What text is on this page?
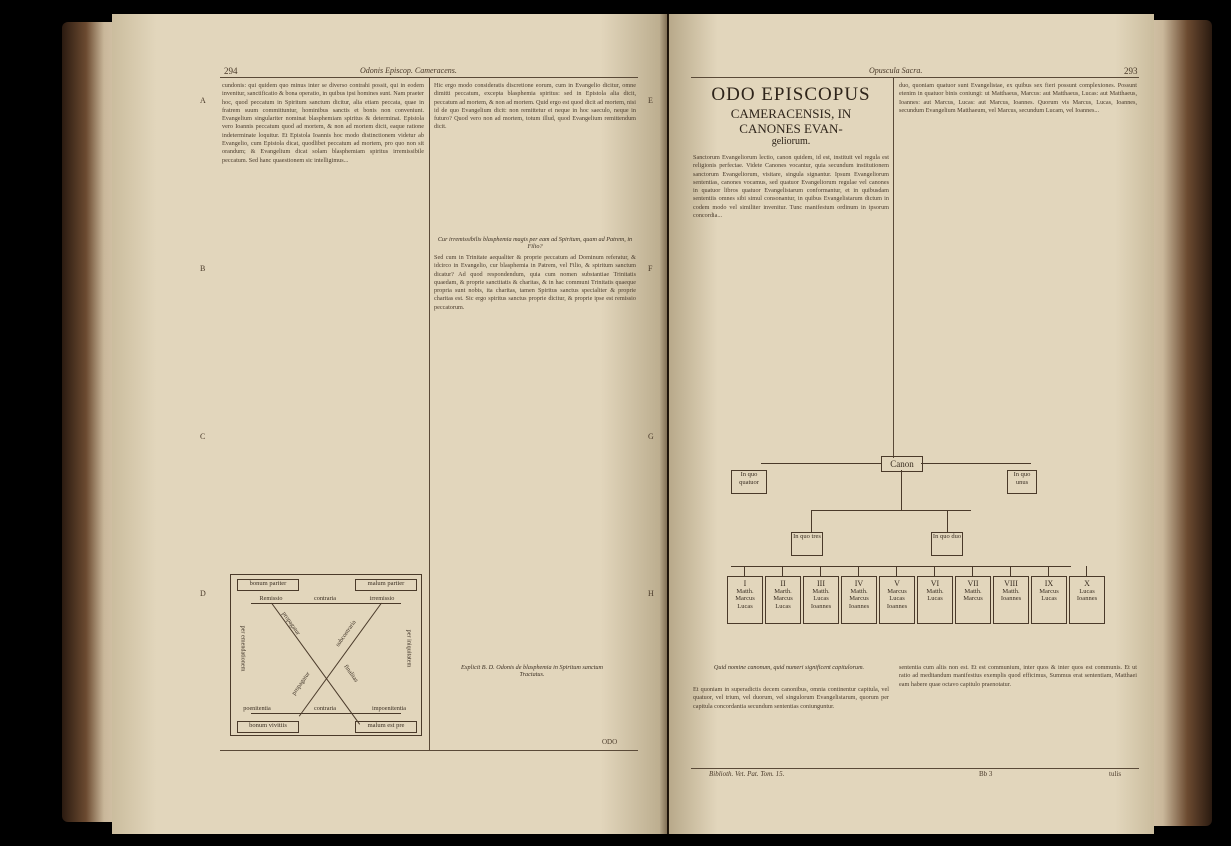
294	Odonis Episcop. Cameracens.
A
B
C
D
cundonis: qui quidem quo minus inter se diverso contrahi possit, qui in eodem invenitur, sanctificatio & bona operatio, in quibus ipsi homines sunt. Nam praeter hoc, quod peccatum in Spiritum sanctum dicitur, alia etiam peccata, quae in fratrem suum committuntur, hominibus sanctis et bonis non conveniunt. Evangelium singulariter nominat blasphemiam spiritus & determinat. Epistola vero Ioannis peccatum quod ad mortem, & non ad mortem dicit, eaque ratione indeterminate loquitur. Et Epistola Ioannis hoc modo distinctionem videtur ab Evangelio, cum Epistola dicat, quodlibet peccatum ad mortem, pro quo non sit orandum; & Evangelium dicat solam blasphemiam spiritus irremissibile peccatum. Sed hanc quaestionem sic intelligimus...
bonum pariter	malum partier
Remissio	contraria	irremissio
per emendationem	per iniquitatem
propagatur	subcontraria
finalitas
propagatur
poenitentia	contraria	impoenitentia
bonum vivitiis	malum est pre
Hic ergo modo consideratis discretione eorum, cum in Evangelio dicitur, omne dimitti peccatum, excepta blasphemia spiritus: sed in Epistola alia dicit, peccatum ad mortem, & non ad mortem. Quid ergo est quod dicit ad mortem, nisi id de quo Evangelium dicit: non remittetur ei neque in hoc saeculo, neque in futuro? Quod vero non ad mortem, totum illud, quod Evangelium remittendum dicit.
Cur irremissibilis blasphemia magis per eam ad Spiritum, quam ad Patrem, in Filio?
Sed cum in Trinitate aequaliter & proprie peccatum ad Dominum referatur, & idcirco in Evangelio, cur blasphemia in Patrem, vel Filio, & spiritum sanctum dicatur? Ad quod respondendum, quia cum nomen substantiae Trinitatis quaedam, & proprie sanctitatis & charitas, & in hac communi Trinitatis quaeque propria sunt nobis, ita charitas, tamen Spiritus sanctus specialiter & proprie charitas est. Sic ergo spiritus sanctus proprie dicitur, & proprie ipse est remissio peccatorum.
Explicit B. D. Odonis de blasphemia in Spiritum sanctum Tractatus.
ODO
E
F
G
H
Opuscula Sacra.	293
ODO EPISCOPUS
CAMERACENSIS, IN
CANONES EVAN-
geliorum.
Sanctorum Evangeliorum lectio, canon quidem, id est, instituit vel regula est religionis perfectae. Videte Canones vocantur, quia secundum institutionem sanctorum Evangeliorum, visitare, singula signantur. Ipsum Evangeliorum sententias, canones vocamus, sed quatuor Evangeliorum regulae vel canones in quatuor libros quatuor Evangelistarum conformantur, et in quibusdam sententiis omnes sibi simul consonantur, in quibus Evangelistarum dictum in codem modo vel similiter invenitur. Tunc manifestum ordinum in ipsorum concordia...
duo, quoniam quatuor sunt Evangelistae, ex quibus sex fieri possunt complexiones. Possunt etenim in quatuor binis coniungi: ut Matthaeus, Marcus: aut Matthaeus, Lucas: aut Matthaeus, Ioannes: aut Marcus, Lucas: aut Marcus, Ioannes. Quorum vis Marcus, Lucas, Ioannes, secundum Evangelium Matthaeum, vel Marcus, secundum Lucam, vel Ioannes...
Canon
In quo quatuor
In quo unus
In quo tres	In quo duo
I
Matth. Marcus Lucas
II
Marth. Marcus Lucas
III
Matth. Lucas Ioannes
IV
Matth. Marcus Ioannes
V
Marcus Lucas Ioannes
VI
Matth. Lucas
VII
Matth. Marcus
VIII
Matth. Ioannes
IX
Marcus Lucas
X
Lucas Ioannes
Quid nomine canonum, quid numeri significent capitulorum.
Et quoniam in superadictis decem canonibus, omnia continentur capitula, vel quatuor, vel trium, vel duorum, vel singulorum Evangelistarum, quorum per capitula concordantia secundum sententias coniunguntur.
sententia cum aliis non est. Et est communium, inter quos & inter quos est communis. Et ut ratio ad meditandum manifestius exemplis quod efficimus, Summus erat sententiam, Matthaei eam habere quae octavo capitulo praenotatur.
Biblioth. Vet. Pat. Tom. 15.	Bb 3	tulis
